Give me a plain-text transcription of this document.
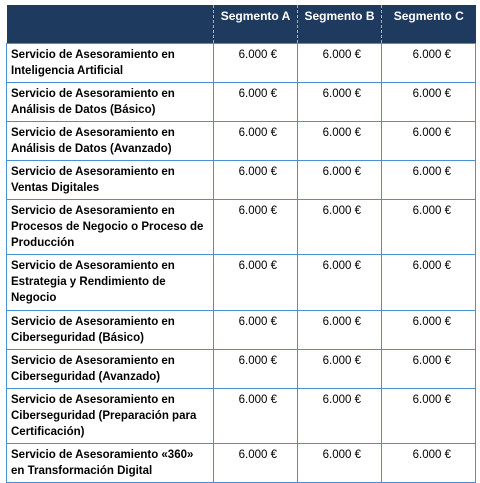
	Segmento A	Segmento B	Segmento C
Servicio de Asesoramiento en Inteligencia Artificial	6.000 €	6.000 €	6.000 €
Servicio de Asesoramiento en Análisis de Datos (Básico)	6.000 €	6.000 €	6.000 €
Servicio de Asesoramiento en Análisis de Datos (Avanzado)	6.000 €	6.000 €	6.000 €
Servicio de Asesoramiento en Ventas Digitales	6.000 €	6.000 €	6.000 €
Servicio de Asesoramiento en Procesos de Negocio o Proceso de Producción	6.000 €	6.000 €	6.000 €
Servicio de Asesoramiento en Estrategia y Rendimiento de Negocio	6.000 €	6.000 €	6.000 €
Servicio de Asesoramiento en Ciberseguridad (Básico)	6.000 €	6.000 €	6.000 €
Servicio de Asesoramiento en Ciberseguridad (Avanzado)	6.000 €	6.000 €	6.000 €
Servicio de Asesoramiento en Ciberseguridad (Preparación para Certificación)	6.000 €	6.000 €	6.000 €
Servicio de Asesoramiento «360» en Transformación Digital	6.000 €	6.000 €	6.000 €
